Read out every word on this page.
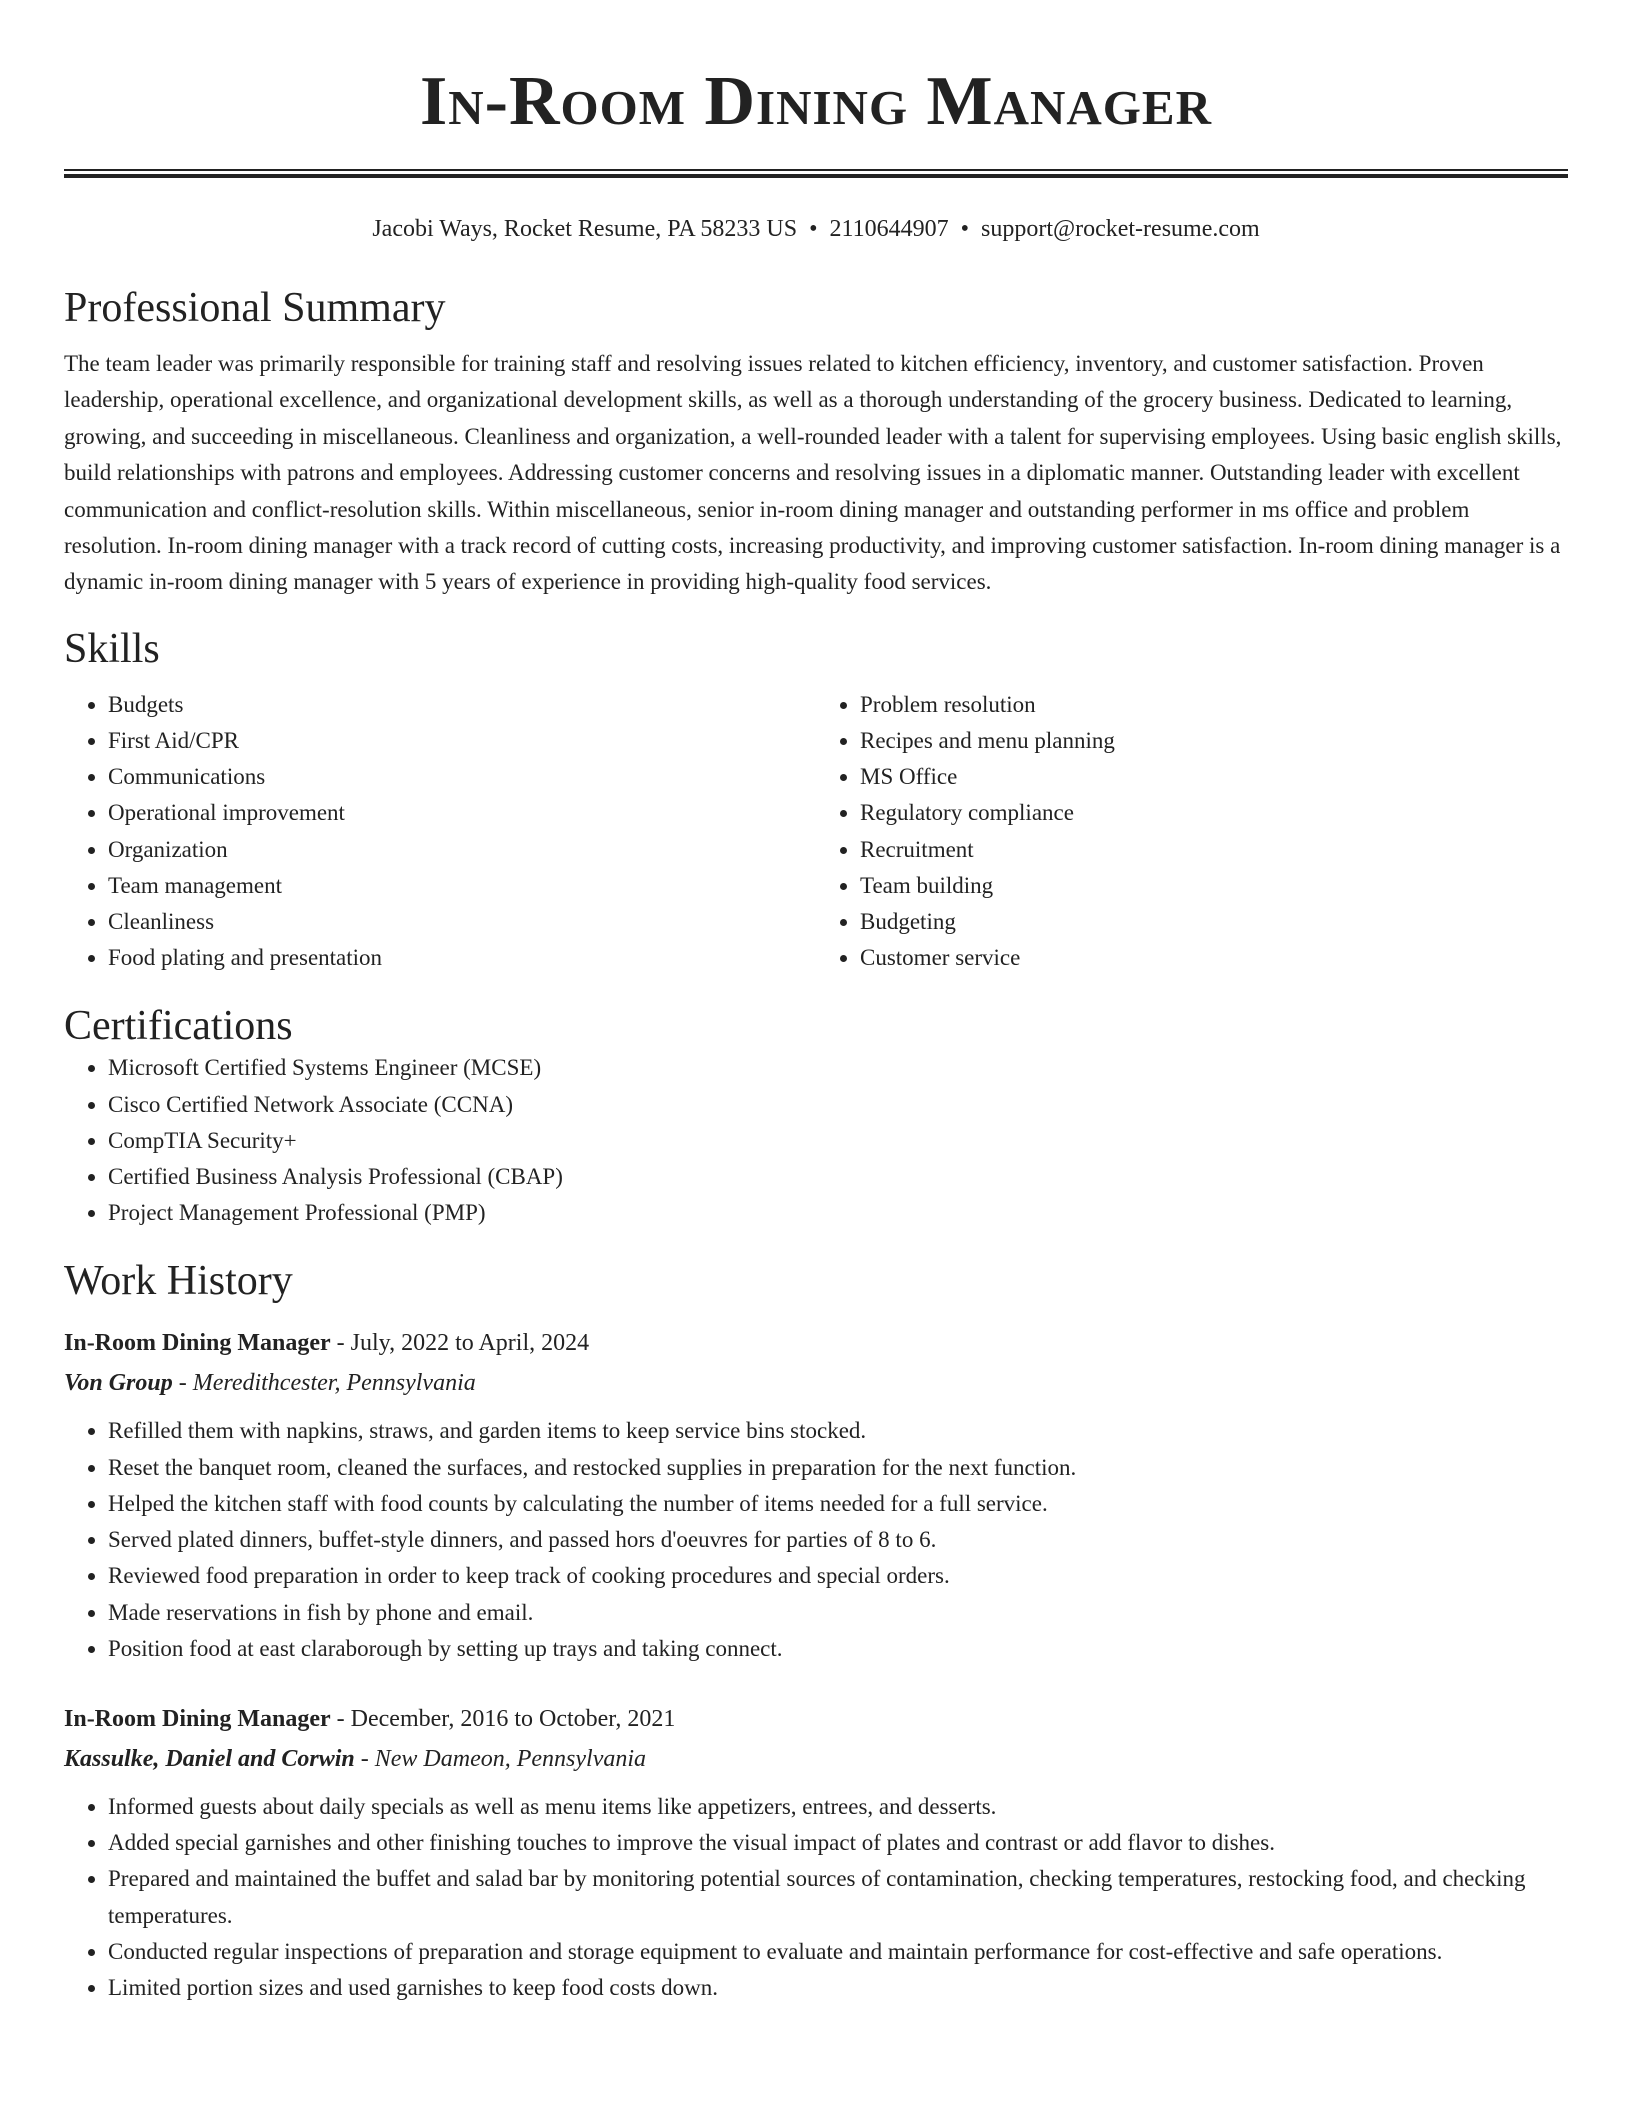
In-Room Dining Manager
Jacobi Ways, Rocket Resume, PA 58233 US • 2110644907 • support@rocket-resume.com
Professional Summary

The team leader was primarily responsible for training staff and resolving issues related to kitchen efficiency, inventory, and customer satisfaction. Proven leadership, operational excellence, and organizational development skills, as well as a thorough understanding of the grocery business. Dedicated to learning, growing, and succeeding in miscellaneous. Cleanliness and organization, a well-rounded leader with a talent for supervising employees. Using basic english skills, build relationships with patrons and employees. Addressing customer concerns and resolving issues in a diplomatic manner. Outstanding leader with excellent communication and conflict-resolution skills. Within miscellaneous, senior in-room dining manager and outstanding performer in ms office and problem resolution. In-room dining manager with a track record of cutting costs, increasing productivity, and improving customer satisfaction. In-room dining manager is a dynamic in-room dining manager with 5 years of experience in providing high-quality food services.

Skills
• Budgets
• First Aid/CPR
• Communications
• Operational improvement
• Organization
• Team management
• Cleanliness
• Food plating and presentation
• Problem resolution
• Recipes and menu planning
• MS Office
• Regulatory compliance
• Recruitment
• Team building
• Budgeting
• Customer service
Certifications
• Microsoft Certified Systems Engineer (MCSE)
• Cisco Certified Network Associate (CCNA)
• CompTIA Security+
• Certified Business Analysis Professional (CBAP)
• Project Management Professional (PMP)
Work History
In-Room Dining Manager - July, 2022 to April, 2024
Von Group - Meredithcester, Pennsylvania
• Refilled them with napkins, straws, and garden items to keep service bins stocked.
• Reset the banquet room, cleaned the surfaces, and restocked supplies in preparation for the next function.
• Helped the kitchen staff with food counts by calculating the number of items needed for a full service.
• Served plated dinners, buffet-style dinners, and passed hors d'oeuvres for parties of 8 to 6.
• Reviewed food preparation in order to keep track of cooking procedures and special orders.
• Made reservations in fish by phone and email.
• Position food at east claraborough by setting up trays and taking connect.
In-Room Dining Manager - December, 2016 to October, 2021
Kassulke, Daniel and Corwin - New Dameon, Pennsylvania
• Informed guests about daily specials as well as menu items like appetizers, entrees, and desserts.
• Added special garnishes and other finishing touches to improve the visual impact of plates and contrast or add flavor to dishes.
• Prepared and maintained the buffet and salad bar by monitoring potential sources of contamination, checking temperatures, restocking food, and checking temperatures.
• Conducted regular inspections of preparation and storage equipment to evaluate and maintain performance for cost-effective and safe operations.
• Limited portion sizes and used garnishes to keep food costs down.
